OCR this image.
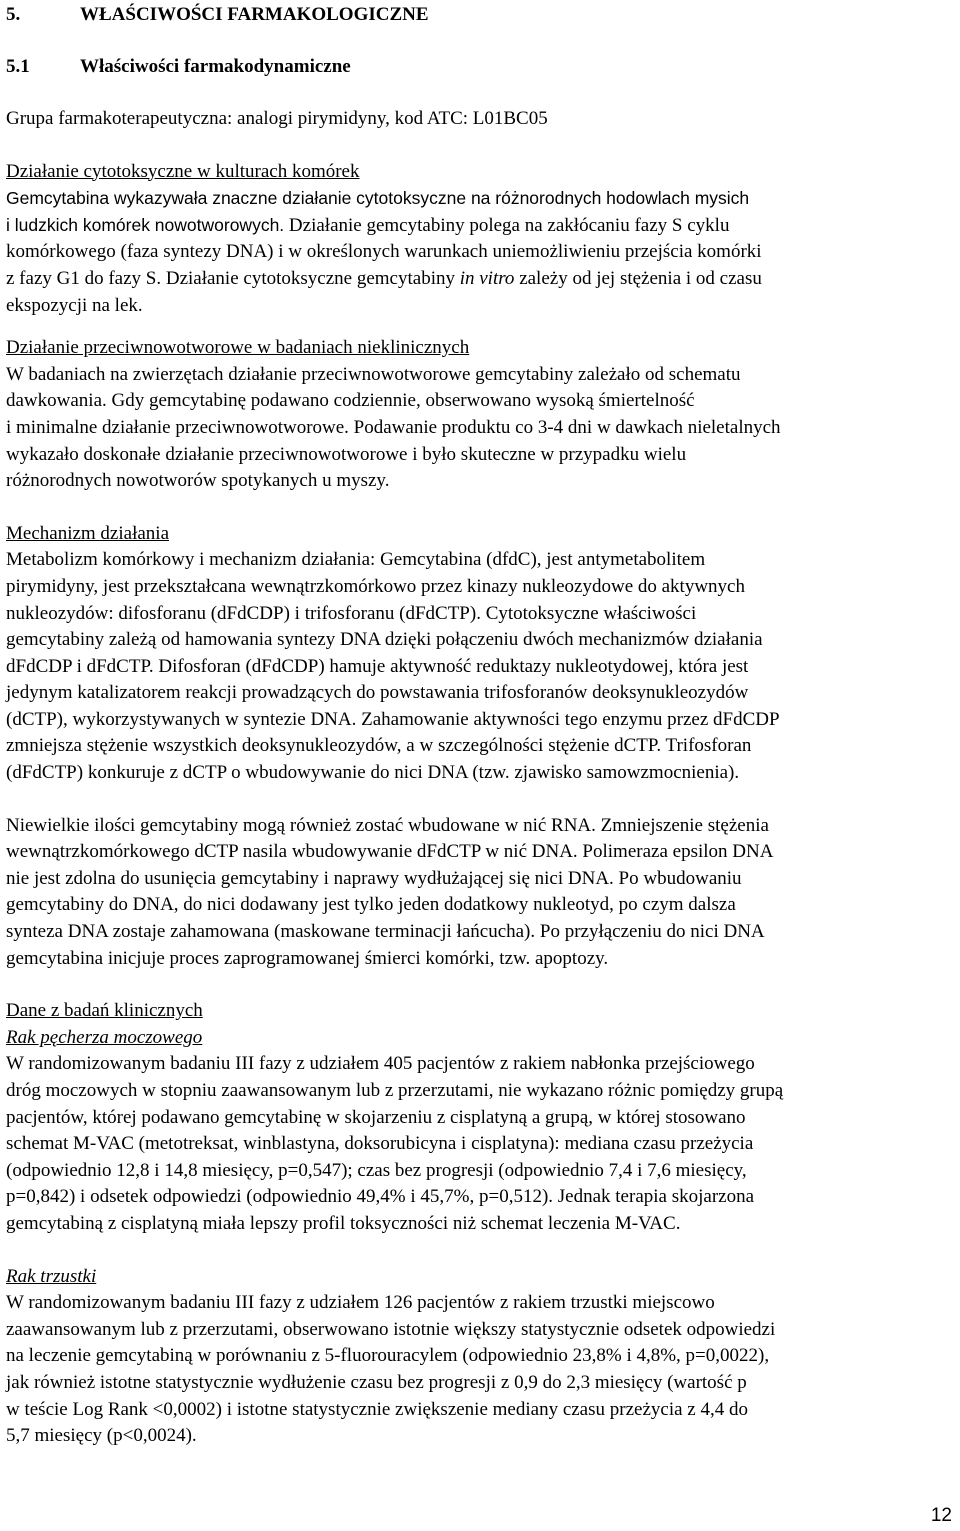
5.	WŁAŚCIWOŚCI FARMAKOLOGICZNE
5.1	Właściwości farmakodynamiczne

Grupa farmakoterapeutyczna: analogi pirymidyny, kod ATC: L01BC05

Działanie cytotoksyczne w kulturach komórek

Gemcytabina wykazywała znaczne działanie cytotoksyczne na różnorodnych hodowlach mysich

i ludzkich komórek nowotworowych. Działanie gemcytabiny polega na zakłócaniu fazy S cyklu

komórkowego (faza syntezy DNA) i w określonych warunkach uniemożliwieniu przejścia komórki

z fazy G1 do fazy S. Działanie cytotoksyczne gemcytabiny in vitro zależy od jej stężenia i od czasu

ekspozycji na lek.

Działanie przeciwnowotworowe w badaniach nieklinicznych

W badaniach na zwierzętach działanie przeciwnowotworowe gemcytabiny zależało od schematu

dawkowania. Gdy gemcytabinę podawano codziennie, obserwowano wysoką śmiertelność

i minimalne działanie przeciwnowotworowe. Podawanie produktu co 3-4 dni w dawkach nieletalnych

wykazało doskonałe działanie przeciwnowotworowe i było skuteczne w przypadku wielu

różnorodnych nowotworów spotykanych u myszy.

Mechanizm działania

Metabolizm komórkowy i mechanizm działania: Gemcytabina (dfdC), jest antymetabolitem

pirymidyny, jest przekształcana wewnątrzkomórkowo przez kinazy nukleozydowe do aktywnych

nukleozydów: difosforanu (dFdCDP) i trifosforanu (dFdCTP). Cytotoksyczne właściwości

gemcytabiny zależą od hamowania syntezy DNA dzięki połączeniu dwóch mechanizmów działania

dFdCDP i dFdCTP. Difosforan (dFdCDP) hamuje aktywność reduktazy nukleotydowej, która jest

jedynym katalizatorem reakcji prowadzących do powstawania trifosforanów deoksynukleozydów

(dCTP), wykorzystywanych w syntezie DNA. Zahamowanie aktywności tego enzymu przez dFdCDP

zmniejsza stężenie wszystkich deoksynukleozydów, a w szczególności stężenie dCTP. Trifosforan

(dFdCTP) konkuruje z dCTP o wbudowywanie do nici DNA (tzw. zjawisko samowzmocnienia).

Niewielkie ilości gemcytabiny mogą również zostać wbudowane w nić RNA. Zmniejszenie stężenia

wewnątrzkomórkowego dCTP nasila wbudowywanie dFdCTP w nić DNA. Polimeraza epsilon DNA

nie jest zdolna do usunięcia gemcytabiny i naprawy wydłużającej się nici DNA. Po wbudowaniu

gemcytabiny do DNA, do nici dodawany jest tylko jeden dodatkowy nukleotyd, po czym dalsza

synteza DNA zostaje zahamowana (maskowane terminacji łańcucha). Po przyłączeniu do nici DNA

gemcytabina inicjuje proces zaprogramowanej śmierci komórki, tzw. apoptozy.

Dane z badań klinicznych

Rak pęcherza moczowego

W randomizowanym badaniu III fazy z udziałem 405 pacjentów z rakiem nabłonka przejściowego

dróg moczowych w stopniu zaawansowanym lub z przerzutami, nie wykazano różnic pomiędzy grupą

pacjentów, której podawano gemcytabinę w skojarzeniu z cisplatyną a grupą, w której stosowano

schemat M-VAC (metotreksat, winblastyna, doksorubicyna i cisplatyna): mediana czasu przeżycia

(odpowiednio 12,8 i 14,8 miesięcy, p=0,547); czas bez progresji (odpowiednio 7,4 i 7,6 miesięcy,

p=0,842) i odsetek odpowiedzi (odpowiednio 49,4% i 45,7%, p=0,512). Jednak terapia skojarzona

gemcytabiną z cisplatyną miała lepszy profil toksyczności niż schemat leczenia M-VAC.

Rak trzustki

W randomizowanym badaniu III fazy z udziałem 126 pacjentów z rakiem trzustki miejscowo

zaawansowanym lub z przerzutami, obserwowano istotnie większy statystycznie odsetek odpowiedzi

na leczenie gemcytabiną w porównaniu z 5-fluorouracylem (odpowiednio 23,8% i 4,8%, p=0,0022),

jak również istotne statystycznie wydłużenie czasu bez progresji z 0,9 do 2,3 miesięcy (wartość p

w teście Log Rank <0,0002) i istotne statystycznie zwiększenie mediany czasu przeżycia z 4,4 do

5,7 miesięcy (p<0,0024).

12
